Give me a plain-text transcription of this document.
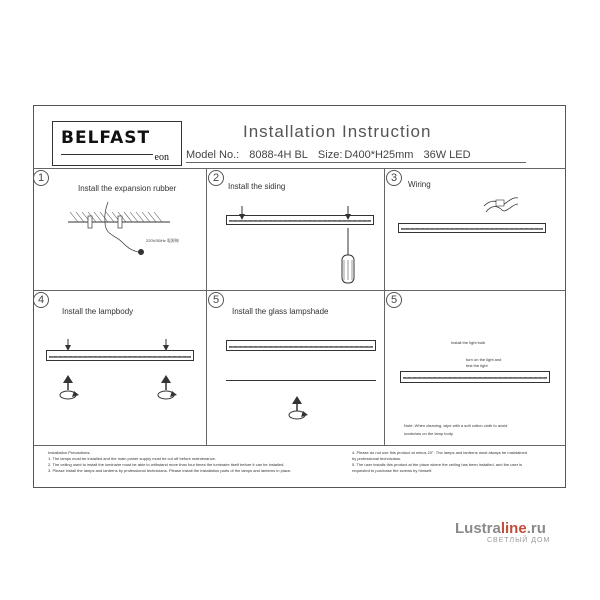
BELFAST
eon
Installation Instruction
Model No.: 8088-4H BL Size: D400*H25mm 36W LED
1	2	3
4	5	5
Install the expansion rubber	Install the siding	Wiring
Install the lampbody	Install the glass lampshade
220V/50Hz 電源線
Install the light bulb
turn on the light and
test the light
Note: When cleaning, wipe with a soft cotton cloth to avoid
scratches on the lamp body
Installation Precautions:
1. The lamps must be installed and the main power supply must be cut off before maintenance.
2. The ceiling used to install the luminaire must be able to withstand more than four times the luminaire itself before it can be installed.
3. Please install the lamps and lanterns by professional technicians. Please install the installation parts of the lamps and lanterns in place.
4. Please do not use this product at minus 20°. The lamps and lanterns must always be maintained
by professional technicians.
5. The user installs this product at the place where the ceiling has been installed, and the user is
requested to purchase the screws by himself.
Lustraline.ru
СВЕТЛЫЙ ДОМ
